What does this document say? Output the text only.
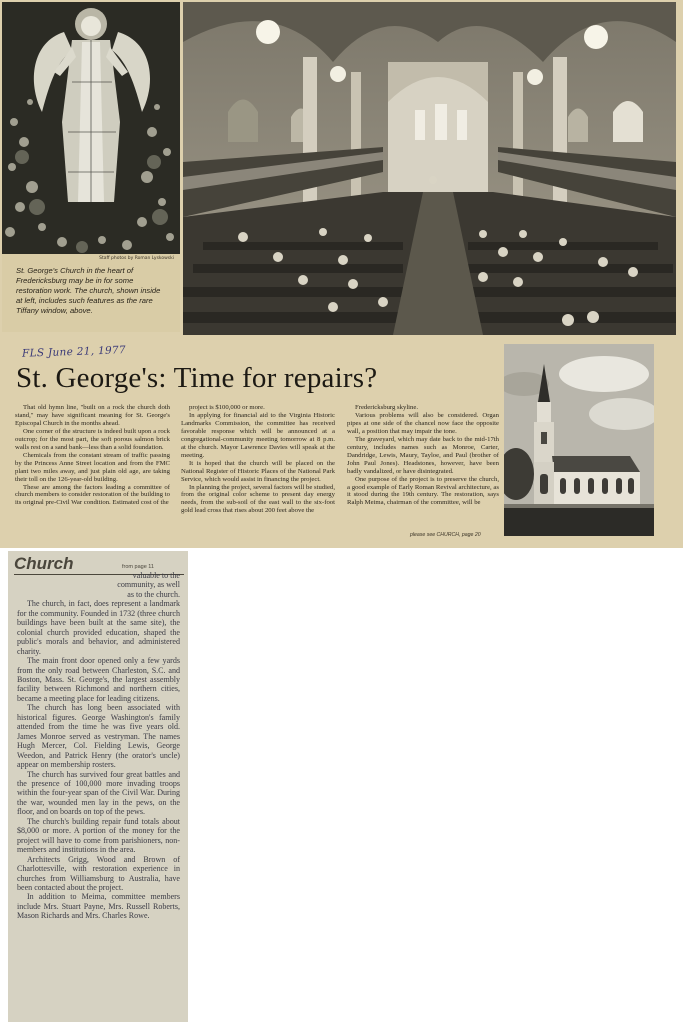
Staff photos by Roman Lyskowski
St. George's Church in the heart of Fredericksburg may be in for some restoration work. The church, shown inside at left, includes such features as the rare Tiffany window, above.
FLS June 21, 1977
St. George's: Time for repairs?

That old hymn line, "built on a rock the church doth stand," may have significant meaning for St. George's Episcopal Church in the months ahead.

One corner of the structure is indeed built upon a rock outcrop; for the most part, the soft porous salmon brick walls rest on a sand bank—less than a solid foundation.

Chemicals from the constant stream of traffic passing by the Princess Anne Street location and from the FMC plant two miles away, and just plain old age, are taking their toll on the 126-year-old building.

These are among the factors leading a committee of church members to consider restoration of the building to its original pre-Civil War condition. Estimated cost of the

project is $100,000 or more.

In applying for financial aid to the Virginia Historic Landmarks Commission, the committee has received favorable response which will be announced at a congregational-community meeting tomorrow at 8 p.m. at the church. Mayor Lawrence Davies will speak at the meeting.

It is hoped that the church will be placed on the National Register of Historic Places of the National Park Service, which would assist in financing the project.

In planning the project, several factors will be studied, from the original color scheme to present day energy needs, from the sub-soil of the east wall to the six-foot gold lead cross that rises about 200 feet above the

Fredericksburg skyline.

Various problems will also be considered. Organ pipes at one side of the chancel now face the opposite wall, a position that may impair the tone.

The graveyard, which may date back to the mid-17th century, includes names such as Monroe, Carter, Dandridge, Lewis, Maury, Tayloe, and Paul (brother of John Paul Jones). Headstones, however, have been badly vandalized, or have disintegrated.

One purpose of the project is to preserve the church, a good example of Early Roman Revival architecture, as it stood during the 19th century. The restoration, says Ralph Meima, chairman of the committee, will be

please see CHURCH, page 20
Church	from page 11

valuable to the community, as well as to the church.

The church, in fact, does represent a landmark for the community. Founded in 1732 (three church buildings have been built at the same site), the colonial church provided education, shaped the public's morals and behavior, and administered charity.

The main front door opened only a few yards from the only road between Charleston, S.C. and Boston, Mass. St. George's, the largest assembly facility between Richmond and northern cities, became a meeting place for leading citizens.

The church has long been associated with historical figures. George Washington's family attended from the time he was five years old. James Monroe served as vestryman. The names Hugh Mercer, Col. Fielding Lewis, George Weedon, and Patrick Henry (the orator's uncle) appear on membership rosters.

The church has survived four great battles and the presence of 100,000 more invading troops within the four-year span of the Civil War. During the war, wounded men lay in the pews, on the floor, and on boards on top of the pews.

The church's building repair fund totals about $8,000 or more. A portion of the money for the project will have to come from parishioners, non-members and institutions in the area.

Architects Grigg, Wood and Brown of Charlottesville, with restoration experience in churches from Williamsburg to Australia, have been contacted about the project.

In addition to Meima, committee members include Mrs. Stuart Payne, Mrs. Russell Roberts, Mason Richards and Mrs. Charles Rowe.
